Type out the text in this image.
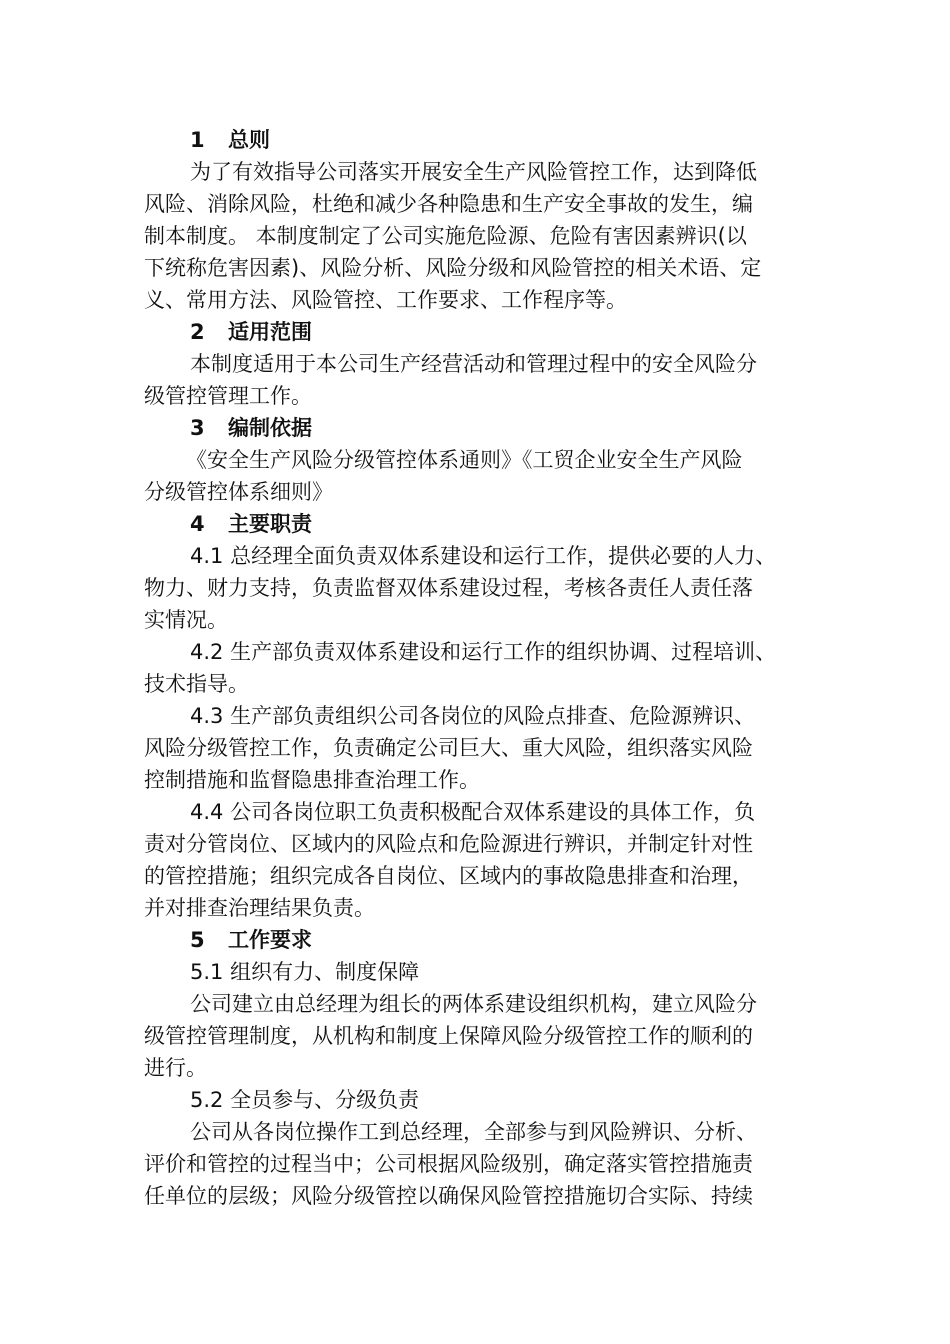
1 总则
为了有效指导公司落实开展安全生产风险管控工作，达到降低
风险、消除风险，杜绝和减少各种隐患和生产安全事故的发生，编
制本制度。 本制度制定了公司实施危险源、危险有害因素辨识(以
下统称危害因素)、风险分析、风险分级和风险管控的相关术语、定
义、常用方法、风险管控、工作要求、工作程序等。
2 适用范围
本制度适用于本公司生产经营活动和管理过程中的安全风险分
级管控管理工作。
3 编制依据
《安全生产风险分级管控体系通则》《工贸企业安全生产风险
分级管控体系细则》
4 主要职责
4.1 总经理全面负责双体系建设和运行工作，提供必要的人力、
物力、财力支持，负责监督双体系建设过程，考核各责任人责任落
实情况。
4.2 生产部负责双体系建设和运行工作的组织协调、过程培训、
技术指导。
4.3 生产部负责组织公司各岗位的风险点排查、危险源辨识、
风险分级管控工作，负责确定公司巨大、重大风险，组织落实风险
控制措施和监督隐患排查治理工作。
4.4 公司各岗位职工负责积极配合双体系建设的具体工作，负
责对分管岗位、区域内的风险点和危险源进行辨识，并制定针对性
的管控措施；组织完成各自岗位、区域内的事故隐患排查和治理，
并对排查治理结果负责。
5 工作要求
5.1 组织有力、制度保障
公司建立由总经理为组长的两体系建设组织机构，建立风险分
级管控管理制度，从机构和制度上保障风险分级管控工作的顺利的
进行。
5.2 全员参与、分级负责
公司从各岗位操作工到总经理，全部参与到风险辨识、分析、
评价和管控的过程当中；公司根据风险级别，确定落实管控措施责
任单位的层级；风险分级管控以确保风险管控措施切合实际、持续
